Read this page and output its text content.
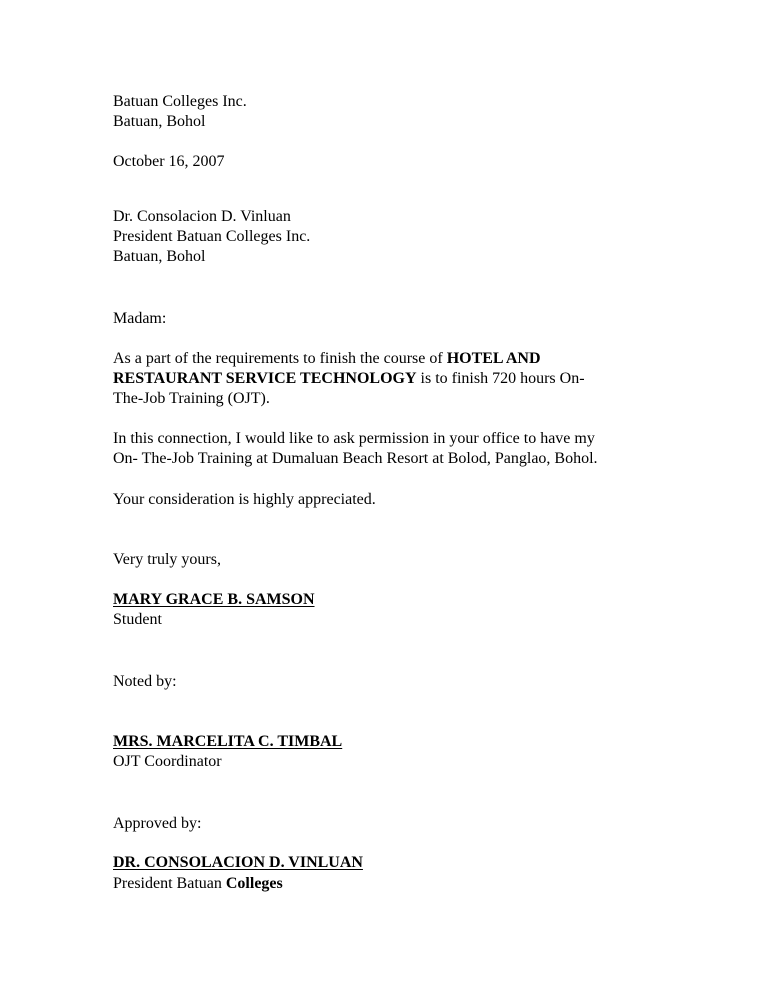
Batuan Colleges Inc.

Batuan, Bohol

October 16, 2007

Dr. Consolacion D. Vinluan

President Batuan Colleges Inc.

Batuan, Bohol

Madam:

As a part of the requirements to finish the course of HOTEL AND

RESTAURANT SERVICE TECHNOLOGY is to finish 720 hours On-

The-Job Training (OJT).

In this connection, I would like to ask permission in your office to have my

On- The-Job Training at Dumaluan Beach Resort at Bolod, Panglao, Bohol.

Your consideration is highly appreciated.

Very truly yours,

MARY GRACE B. SAMSON

Student

Noted by:

MRS. MARCELITA C. TIMBAL

OJT Coordinator

Approved by:

DR. CONSOLACION D. VINLUAN

President Batuan Colleges
